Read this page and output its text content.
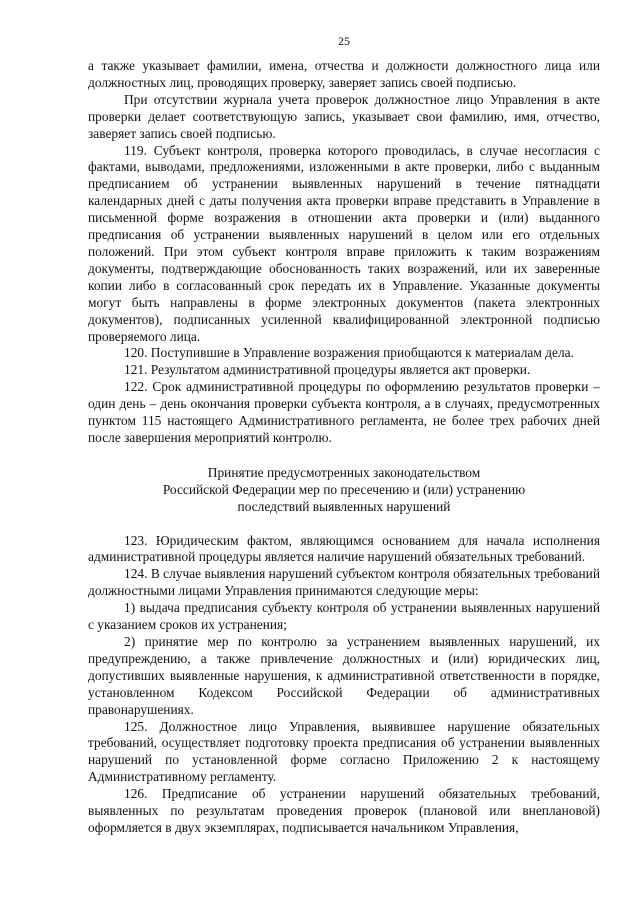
25

а также указывает фамилии, имена, отчества и должности должностного лица или должностных лиц, проводящих проверку, заверяет запись своей подписью.

При отсутствии журнала учета проверок должностное лицо Управления в акте проверки делает соответствующую запись, указывает свои фамилию, имя, отчество, заверяет запись своей подписью.

119. Субъект контроля, проверка которого проводилась, в случае несогласия с фактами, выводами, предложениями, изложенными в акте проверки, либо с выданным предписанием об устранении выявленных нарушений в течение пятнадцати календарных дней с даты получения акта проверки вправе представить в Управление в письменной форме возражения в отношении акта проверки и (или) выданного предписания об устранении выявленных нарушений в целом или его отдельных положений. При этом субъект контроля вправе приложить к таким возражениям документы, подтверждающие обоснованность таких возражений, или их заверенные копии либо в согласованный срок передать их в Управление. Указанные документы могут быть направлены в форме электронных документов (пакета электронных документов), подписанных усиленной квалифицированной электронной подписью проверяемого лица.

120. Поступившие в Управление возражения приобщаются к материалам дела.

121. Результатом административной процедуры является акт проверки.

122. Срок административной процедуры по оформлению результатов проверки – один день – день окончания проверки субъекта контроля, а в случаях, предусмотренных пунктом 115 настоящего Административного регламента, не более трех рабочих дней после завершения мероприятий контролю.

Принятие предусмотренных законодательством
Российской Федерации мер по пресечению и (или) устранению
последствий выявленных нарушений

123. Юридическим фактом, являющимся основанием для начала исполнения административной процедуры является наличие нарушений обязательных требований.

124. В случае выявления нарушений субъектом контроля обязательных требований должностными лицами Управления принимаются следующие меры:

1) выдача предписания субъекту контроля об устранении выявленных нарушений с указанием сроков их устранения;

2) принятие мер по контролю за устранением выявленных нарушений, их предупреждению, а также привлечение должностных и (или) юридических лиц, допустивших выявленные нарушения, к административной ответственности в порядке, установленном Кодексом Российской Федерации об административных правонарушениях.

125. Должностное лицо Управления, выявившее нарушение обязательных требований, осуществляет подготовку проекта предписания об устранении выявленных нарушений по установленной форме согласно Приложению 2 к настоящему Административному регламенту.

126. Предписание об устранении нарушений обязательных требований, выявленных по результатам проведения проверок (плановой или внеплановой) оформляется в двух экземплярах, подписывается начальником Управления,
